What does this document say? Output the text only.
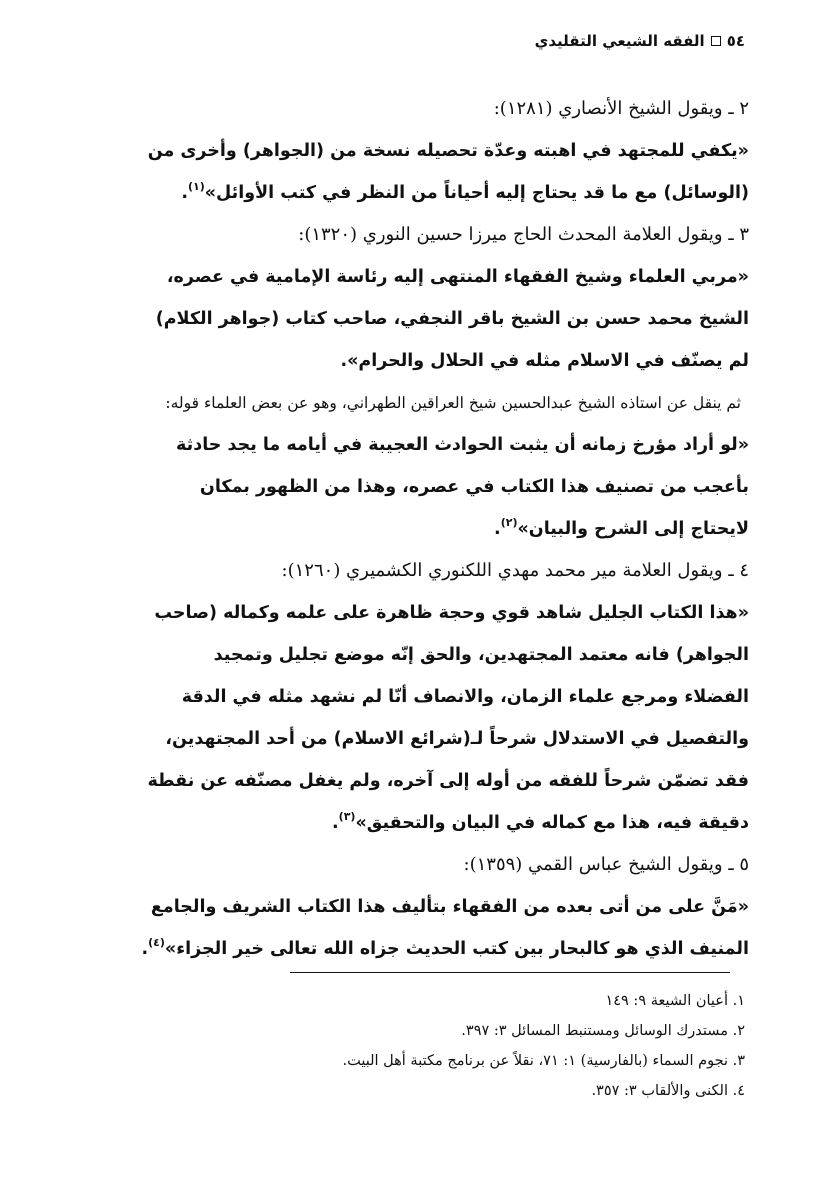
٥٤
الفقه الشيعي التقليدي
٢ ـ ويقول الشيخ الأنصاري (١٢٨١):
«يكفي للمجتهد في اهبته وعدّة تحصيله نسخة من (الجواهر) وأخرى من
(الوسائل) مع ما قد يحتاج إليه أحياناً من النظر في كتب الأوائل»$^{(١)}$.
٣ ـ ويقول العلامة المحدث الحاج ميرزا حسين النوري (١٣٢٠):
«مربي العلماء وشيخ الفقهاء المنتهى إليه رئاسة الإمامية في عصره،
الشيخ محمد حسن بن الشيخ باقر النجفي، صاحب كتاب (جواهر الكلام)
لم يصنّف في الاسلام مثله في الحلال والحرام».
ثم ينقل عن استاذه الشيخ عبدالحسين شيخ العراقين الطهراني، وهو عن بعض العلماء قوله:
«لو أراد مؤرخ زمانه أن يثبت الحوادث العجيبة في أيامه ما يجد حادثة
بأعجب من تصنيف هذا الكتاب في عصره، وهذا من الظهور بمكان
لايحتاج إلى الشرح والبيان»$^{(٢)}$.
٤ ـ ويقول العلامة مير محمد مهدي اللكنوري الكشميري (١٢٦٠):
«هذا الكتاب الجليل شاهد قوي وحجة ظاهرة على علمه وكماله (صاحب
الجواهر) فانه معتمد المجتهدين، والحق إنّه موضع تجليل وتمجيد
الفضلاء ومرجع علماء الزمان، والانصاف أنّا لم نشهد مثله في الدقة
والتفصيل في الاستدلال شرحاً لـ(شرائع الاسلام) من أحد المجتهدين،
فقد تضمّن شرحاً للفقه من أوله إلى آخره، ولم يغفل مصنّفه عن نقطة
دقيقة فيه، هذا مع كماله في البيان والتحقيق»$^{(٣)}$.
٥ ـ ويقول الشيخ عباس القمي (١٣٥٩):
«مَنَّ على من أتى بعده من الفقهاء بتأليف هذا الكتاب الشريف والجامع
المنيف الذي هو كالبحار بين كتب الحديث جزاه الله تعالى خير الجزاء»$^{(٤)}$.
١. أعيان الشيعة ٩: ١٤٩
٢. مستدرك الوسائل ومستنبط المسائل ٣: ٣٩٧.
٣. نجوم السماء (بالفارسية) ١: ٧١، نقلاً عن برنامج مكتبة أهل البيت.
٤. الكنى والألقاب ٣: ٣٥٧.
